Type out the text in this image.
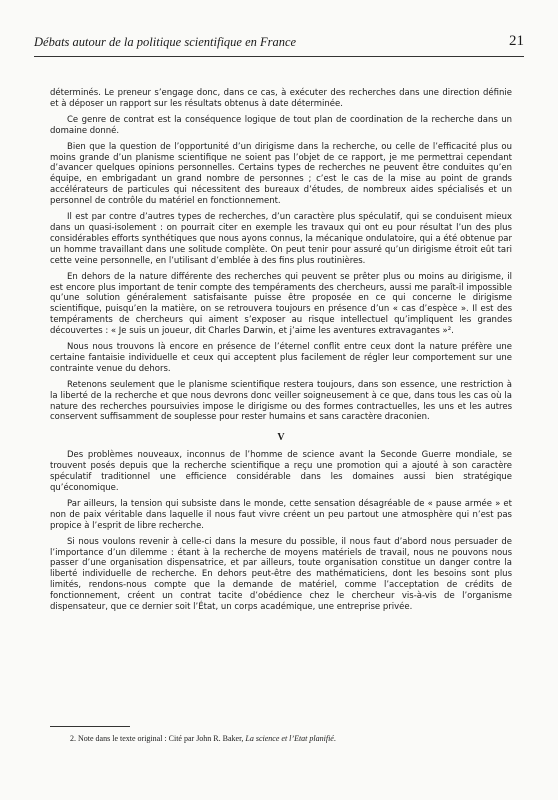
Débats autour de la politique scientifique en France	21

déterminés. Le preneur s’engage donc, dans ce cas, à exécuter des recherches dans une direction définie et à déposer un rapport sur les résultats obtenus à date déterminée.

Ce genre de contrat est la conséquence logique de tout plan de coordination de la recherche dans un domaine donné.

Bien que la question de l’opportunité d’un dirigisme dans la recherche, ou celle de l’efficacité plus ou moins grande d’un planisme scientifique ne soient pas l’objet de ce rapport, je me permettrai cependant d’avancer quelques opinions personnelles. Certains types de recherches ne peuvent être conduites qu’en équipe, en embrigadant un grand nombre de personnes ; c’est le cas de la mise au point de grands accélérateurs de particules qui nécessitent des bureaux d’études, de nombreux aides spécialisés et un personnel de contrôle du matériel en fonctionnement.

Il est par contre d’autres types de recherches, d’un caractère plus spéculatif, qui se conduisent mieux dans un quasi-isolement : on pourrait citer en exemple les travaux qui ont eu pour résultat l’un des plus considérables efforts synthétiques que nous ayons connus, la mécanique ondulatoire, qui a été obtenue par un homme travaillant dans une solitude complète. On peut tenir pour assuré qu’un dirigisme étroit eût tari cette veine personnelle, en l’utilisant d’emblée à des fins plus routinières.

En dehors de la nature différente des recherches qui peuvent se prêter plus ou moins au dirigisme, il est encore plus important de tenir compte des tempéraments des chercheurs, aussi me paraît-il impossible qu’une solution généralement satisfaisante puisse être proposée en ce qui concerne le dirigisme scientifique, puisqu’en la matière, on se retrouvera toujours en présence d’un « cas d’espèce ». Il est des tempéraments de chercheurs qui aiment s’exposer au risque intellectuel qu’impliquent les grandes découvertes : « Je suis un joueur, dit Charles Darwin, et j’aime les aventures extravagantes »².

Nous nous trouvons là encore en présence de l’éternel conflit entre ceux dont la nature préfère une certaine fantaisie individuelle et ceux qui acceptent plus facilement de régler leur comportement sur une contrainte venue du dehors.

Retenons seulement que le planisme scientifique restera toujours, dans son essence, une restriction à la liberté de la recherche et que nous devrons donc veiller soigneusement à ce que, dans tous les cas où la nature des recherches poursuivies impose le dirigisme ou des formes contractuelles, les uns et les autres conservent suffisamment de souplesse pour rester humains et sans caractère draconien.

V

Des problèmes nouveaux, inconnus de l’homme de science avant la Seconde Guerre mondiale, se trouvent posés depuis que la recherche scientifique a reçu une promotion qui a ajouté à son caractère spéculatif traditionnel une efficience considérable dans les domaines aussi bien stratégique qu’économique.

Par ailleurs, la tension qui subsiste dans le monde, cette sensation désagréable de « pause armée » et non de paix véritable dans laquelle il nous faut vivre créent un peu partout une atmosphère qui n’est pas propice à l’esprit de libre recherche.

Si nous voulons revenir à celle-ci dans la mesure du possible, il nous faut d’abord nous persuader de l’importance d’un dilemme : étant à la recherche de moyens matériels de travail, nous ne pouvons nous passer d’une organisation dispensatrice, et par ailleurs, toute organisation constitue un danger contre la liberté individuelle de recherche. En dehors peut-être des mathématiciens, dont les besoins sont plus limités, rendons-nous compte que la demande de matériel, comme l’acceptation de crédits de fonctionnement, créent un contrat tacite d’obédience chez le chercheur vis-à-vis de l’organisme dispensateur, que ce dernier soit l’État, un corps académique, une entreprise privée.

2. Note dans le texte original : Cité par John R. Baker, La science et l’Etat planifié.
